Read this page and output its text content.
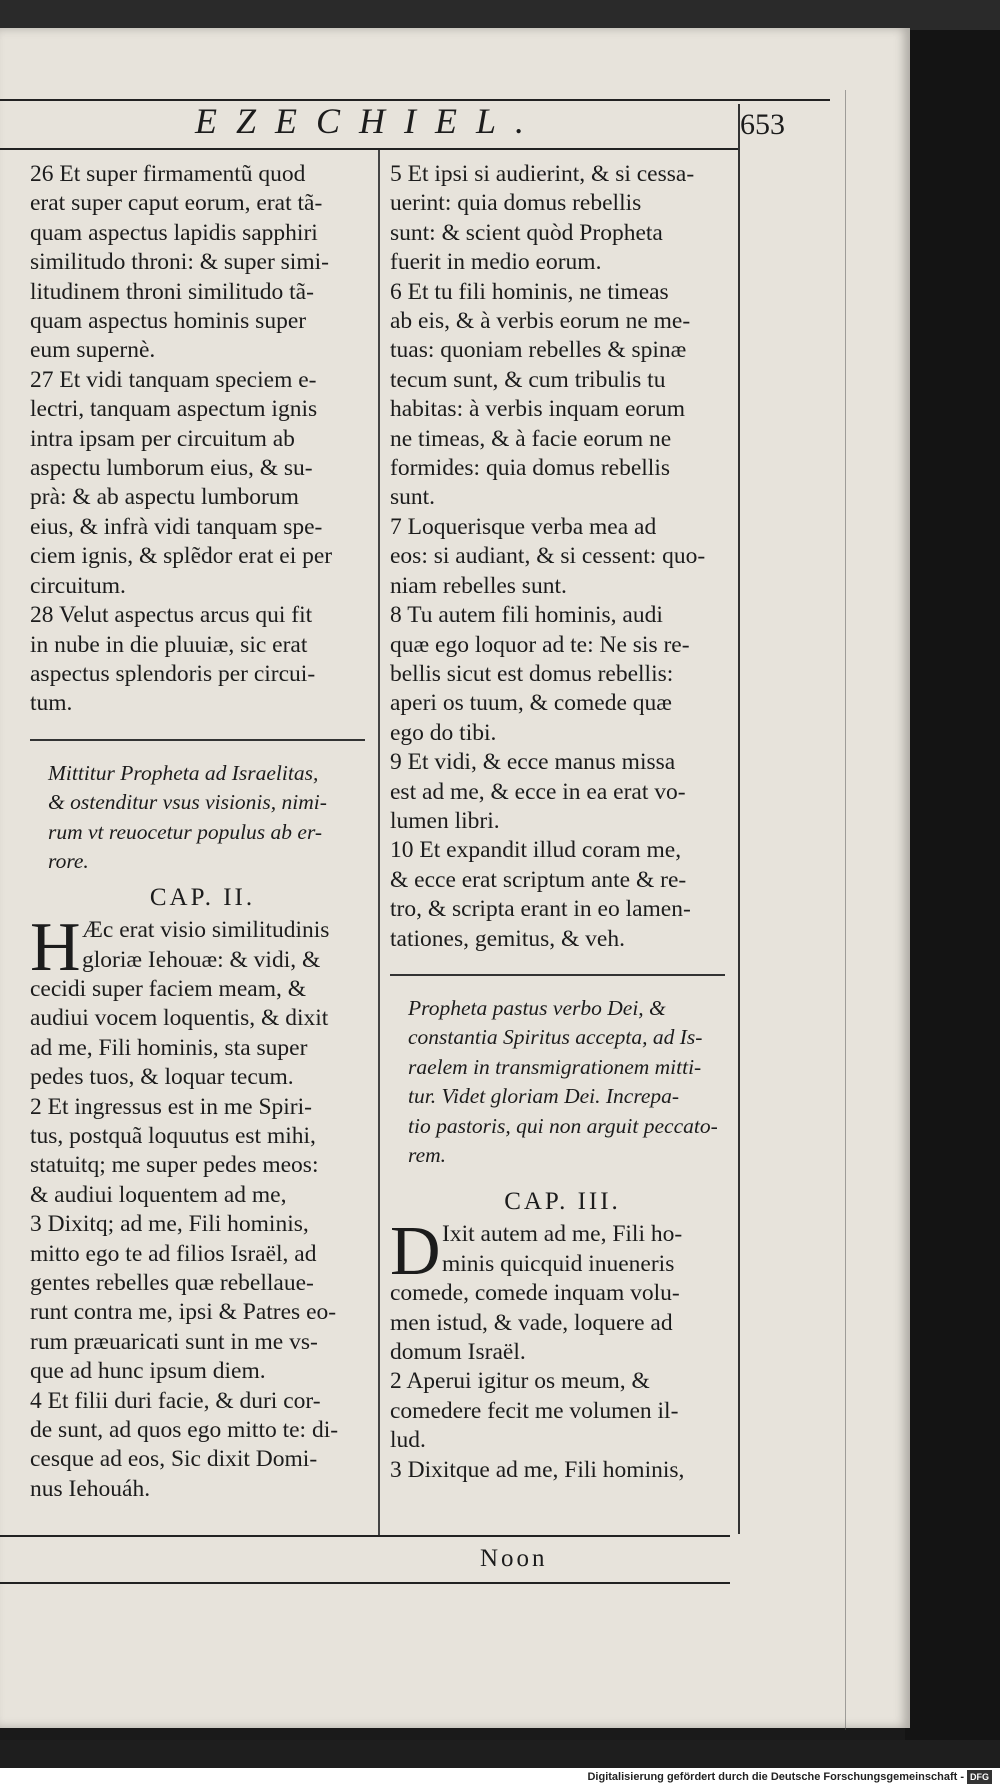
EZECHIEL.	653

26 Et super firmamentũ quod

erat super caput eorum, erat tã-

quam aspectus lapidis sapphiri

similitudo throni: & super simi-

litudinem throni similitudo tã-

quam aspectus hominis super

eum supernè.

27 Et vidi tanquam speciem e-

lectri, tanquam aspectum ignis

intra ipsam per circuitum ab

aspectu lumborum eius, & su-

prà: & ab aspectu lumborum

eius, & infrà vidi tanquam spe-

ciem ignis, & splẽdor erat ei per

circuitum.

28 Velut aspectus arcus qui fit

in nube in die pluuiæ, sic erat

aspectus splendoris per circui-

tum.

Mittitur Propheta ad Israelitas,

& ostenditur vsus visionis, nimi-

rum vt reuocetur populus ab er-

rore.

CAP. II.
H Æc erat visio similitudinis

gloriæ Iehouæ: & vidi, &

cecidi super faciem meam, &

audiui vocem loquentis, & dixit

ad me, Fili hominis, sta super

pedes tuos, & loquar tecum.

2 Et ingressus est in me Spiri-

tus, postquã loquutus est mihi,

statuitq; me super pedes meos:

& audiui loquentem ad me,

3 Dixitq; ad me, Fili hominis,

mitto ego te ad filios Israël, ad

gentes rebelles quæ rebellaue-

runt contra me, ipsi & Patres eo-

rum præuaricati sunt in me vs-

que ad hunc ipsum diem.

4 Et filii duri facie, & duri cor-

de sunt, ad quos ego mitto te: di-

cesque ad eos, Sic dixit Domi-

nus Iehouáh.

5 Et ipsi si audierint, & si cessa-

uerint: quia domus rebellis

sunt: & scient quòd Propheta

fuerit in medio eorum.

6 Et tu fili hominis, ne timeas

ab eis, & à verbis eorum ne me-

tuas: quoniam rebelles & spinæ

tecum sunt, & cum tribulis tu

habitas: à verbis inquam eorum

ne timeas, & à facie eorum ne

formides: quia domus rebellis

sunt.

7 Loquerisque verba mea ad

eos: si audiant, & si cessent: quo-

niam rebelles sunt.

8 Tu autem fili hominis, audi

quæ ego loquor ad te: Ne sis re-

bellis sicut est domus rebellis:

aperi os tuum, & comede quæ

ego do tibi.

9 Et vidi, & ecce manus missa

est ad me, & ecce in ea erat vo-

lumen libri.

10 Et expandit illud coram me,

& ecce erat scriptum ante & re-

tro, & scripta erant in eo lamen-

tationes, gemitus, & veh.

Propheta pastus verbo Dei, &

constantia Spiritus accepta, ad Is-

raelem in transmigrationem mitti-

tur. Videt gloriam Dei. Increpa-

tio pastoris, qui non arguit peccato-

rem.

CAP. III.
D Ixit autem ad me, Fili ho-

minis quicquid inueneris

comede, comede inquam volu-

men istud, & vade, loquere ad

domum Israël.

2 Aperui igitur os meum, &

comedere fecit me volumen il-

lud.

3 Dixitque ad me, Fili hominis,

Noon
Digitalisierung gefördert durch die Deutsche Forschungsgemeinschaft - DFG
